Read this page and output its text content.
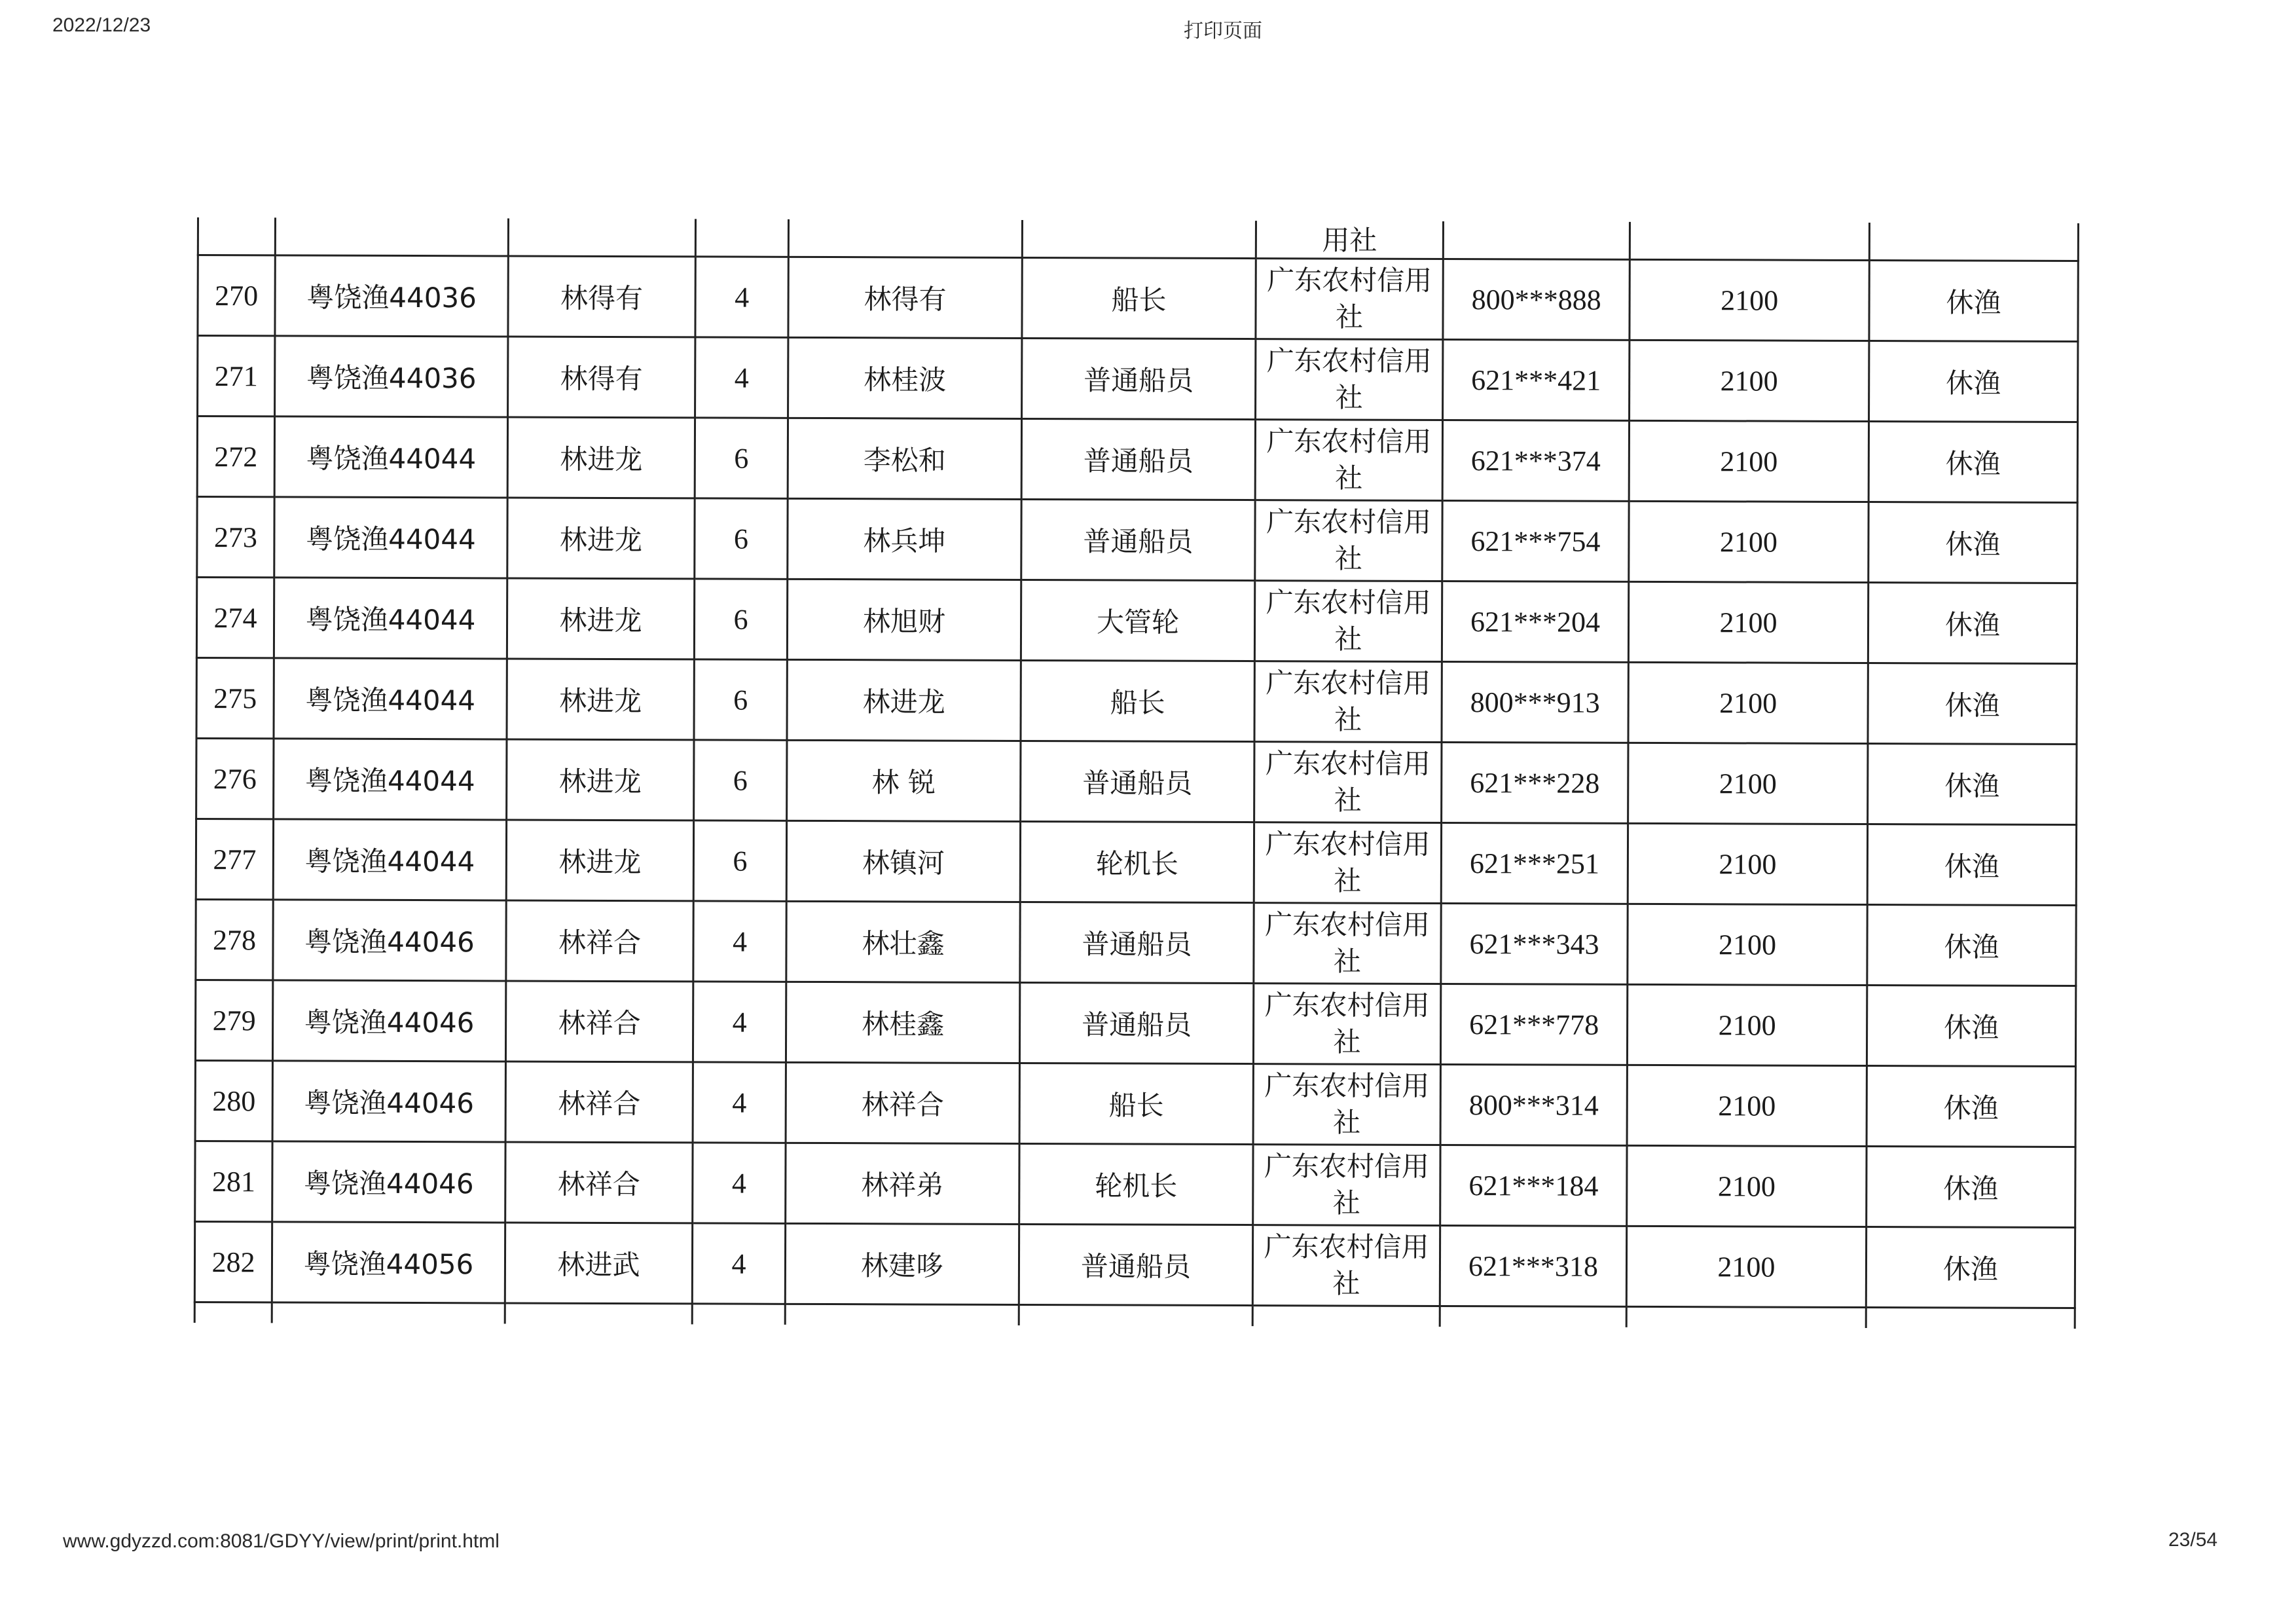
2022/12/23	打印页面
						用社			
270	粤饶渔44036	林得有	4	林得有	船长	广东农村信用社	800***888	2100	休渔
271	粤饶渔44036	林得有	4	林桂波	普通船员	广东农村信用社	621***421	2100	休渔
272	粤饶渔44044	林进龙	6	李松和	普通船员	广东农村信用社	621***374	2100	休渔
273	粤饶渔44044	林进龙	6	林兵坤	普通船员	广东农村信用社	621***754	2100	休渔
274	粤饶渔44044	林进龙	6	林旭财	大管轮	广东农村信用社	621***204	2100	休渔
275	粤饶渔44044	林进龙	6	林进龙	船长	广东农村信用社	800***913	2100	休渔
276	粤饶渔44044	林进龙	6	林 锐	普通船员	广东农村信用社	621***228	2100	休渔
277	粤饶渔44044	林进龙	6	林镇河	轮机长	广东农村信用社	621***251	2100	休渔
278	粤饶渔44046	林祥合	4	林壮鑫	普通船员	广东农村信用社	621***343	2100	休渔
279	粤饶渔44046	林祥合	4	林桂鑫	普通船员	广东农村信用社	621***778	2100	休渔
280	粤饶渔44046	林祥合	4	林祥合	船长	广东农村信用社	800***314	2100	休渔
281	粤饶渔44046	林祥合	4	林祥弟	轮机长	广东农村信用社	621***184	2100	休渔
282	粤饶渔44056	林进武	4	林建哆	普通船员	广东农村信用社	621***318	2100	休渔

www.gdyzzd.com:8081/GDYY/view/print/print.html	23/54
